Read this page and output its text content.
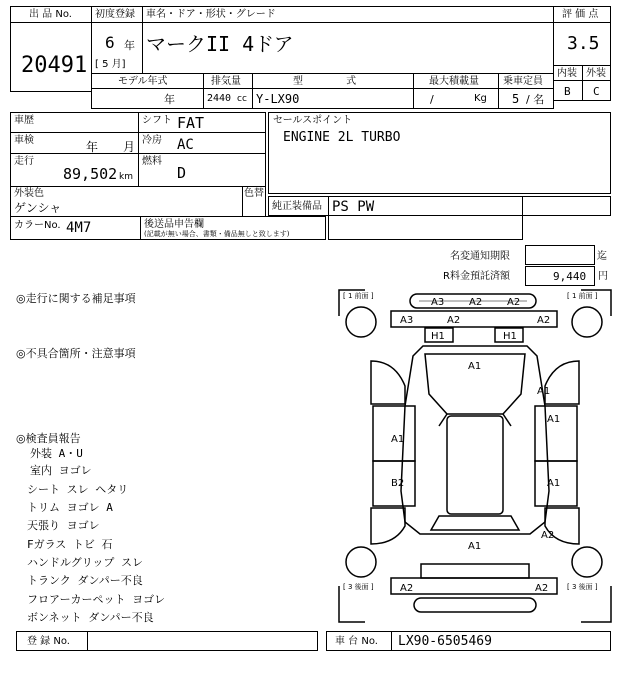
出 品 No.
20491
初度登録 車名・ドア・形状・グレード
6 年
[ 5 月]
マークII 4ドア
評 価 点
3.5
内装 外装
B C
モデル年式	排気量	型 式	最大積載量 乗車定員
年	2440 cc Y-LX90	/	Kg 5 / 名
車歴	シフト FAT
車検	年 月 冷房 AC
走行
89,502 km
燃料
D
外装色
ゲンシャ
色替
カラーNo. 4M7	後送品申告欄
(記載が無い場合、書類・備品無しと致します)
セールスポイント
ENGINE 2L TURBO
純正装備品 PS PW
名変通知期限	迄
R料金預託済額	9,440 円
◎走行に関する補足事項
◎不具合箇所・注意事項
◎検査員報告
外装 A・U
室内 ヨゴレ
シート スレ ヘタリ
トリム ヨゴレ A
天張り ヨゴレ
Fガラス トビ 石
ハンドルグリップ スレ
トランク ダンパー不良
フロアーカーペット ヨゴレ
ボンネット ダンパー不良
[ 1 前面 ]	[ 1 前面 ]
[ 3 後面 ]	[ 3 後面 ]
A3 A2 A2
A3	A2	A2
H1	H1
A1
A1
A1
A1
B2	A1
A2
A1
A2	A2
登 録 No.	車 台 No. LX90-6505469
